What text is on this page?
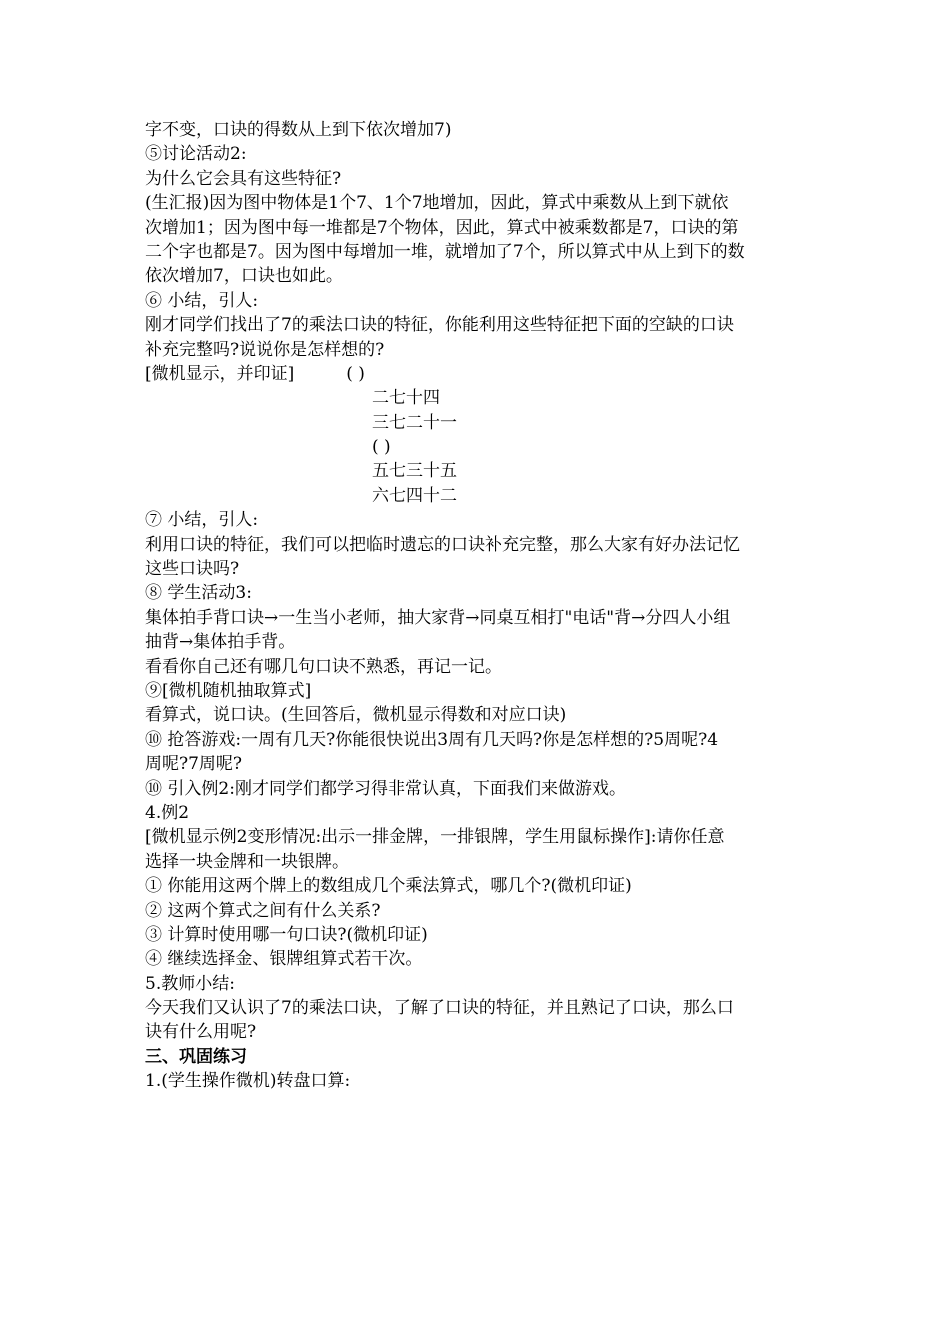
字不变，口诀的得数从上到下依次增加7)
⑤讨论活动2:
为什么它会具有这些特征?
(生汇报)因为图中物体是1个7、1个7地增加，因此，算式中乘数从上到下就依
次增加1；因为图中每一堆都是7个物体，因此，算式中被乘数都是7，口诀的第
二个字也都是7。因为图中每增加一堆，就增加了7个，所以算式中从上到下的数
依次增加7，口诀也如此。
⑥ 小结，引人:
刚才同学们找出了7的乘法口诀的特征，你能利用这些特征把下面的空缺的口诀
补充完整吗?说说你是怎样想的?
[微机显示，并印证]	( )
二七十四
三七二十一
( )
五七三十五
六七四十二
⑦ 小结，引人:
利用口诀的特征，我们可以把临时遗忘的口诀补充完整，那么大家有好办法记忆
这些口诀吗?
⑧ 学生活动3:
集体拍手背口诀→一生当小老师，抽大家背→同桌互相打"电话"背→分四人小组
抽背→集体拍手背。
看看你自己还有哪几句口诀不熟悉，再记一记。
⑨[微机随机抽取算式]
看算式，说口诀。(生回答后，微机显示得数和对应口诀)
⑩ 抢答游戏:一周有几天?你能很快说出3周有几天吗?你是怎样想的?5周呢?4
周呢?7周呢?
⑩ 引入例2:刚才同学们都学习得非常认真，下面我们来做游戏。
4.例2
[微机显示例2变形情况:出示一排金牌，一排银牌，学生用鼠标操作]:请你任意
选择一块金牌和一块银牌。
① 你能用这两个牌上的数组成几个乘法算式，哪几个?(微机印证)
② 这两个算式之间有什么关系?
③ 计算时使用哪一句口诀?(微机印证)
④ 继续选择金、银牌组算式若干次。
5.教师小结:
今天我们又认识了7的乘法口诀，了解了口诀的特征，并且熟记了口诀，那么口
诀有什么用呢?
三、巩固练习
1.(学生操作微机)转盘口算:
